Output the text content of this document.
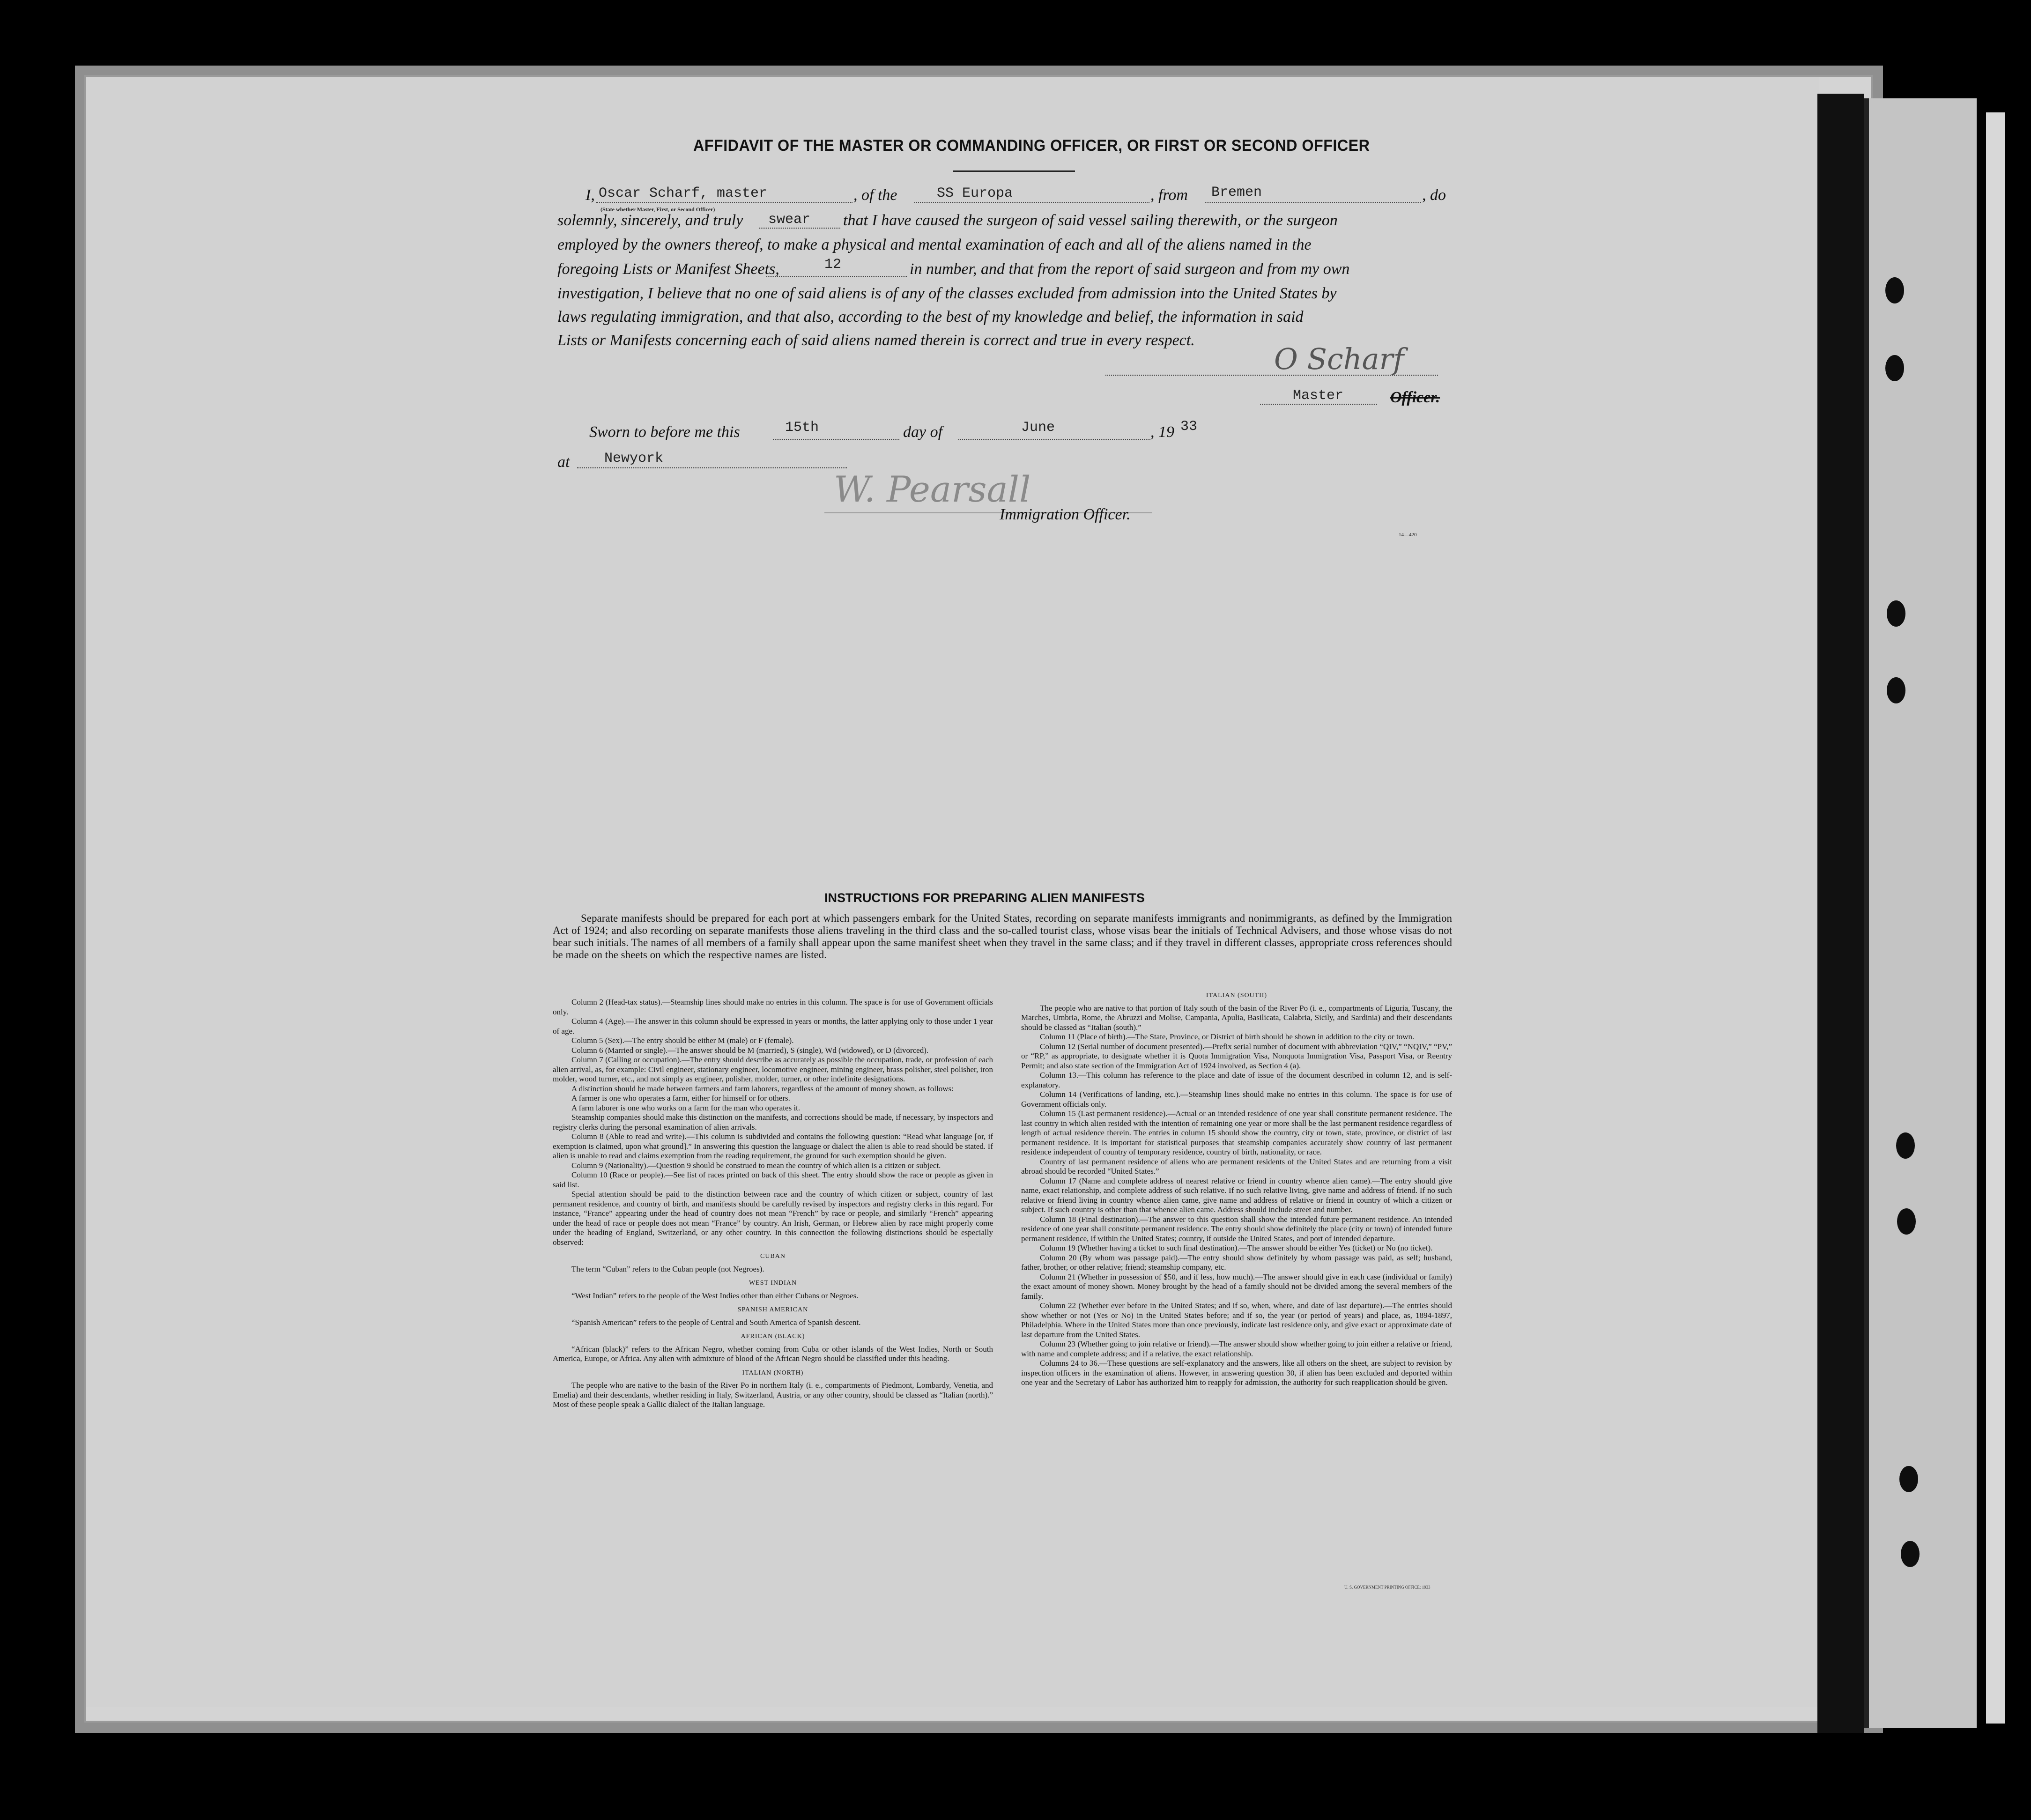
AFFIDAVIT OF THE MASTER OR COMMANDING OFFICER, OR FIRST OR SECOND OFFICER
I, Oscar Scharf, master	, of the	SS Europa	, from Bremen	, do
(State whether Master, First, or Second Officer)
solemnly, sincerely, and truly swear that I have caused the surgeon of said vessel sailing therewith, or the surgeon
employed by the owners thereof, to make a physical and mental examination of each and all of the aliens named in the
foregoing Lists or Manifest Sheets,	12	in number, and that from the report of said surgeon and from my own
investigation, I believe that no one of said aliens is of any of the classes excluded from admission into the United States by
laws regulating immigration, and that also, according to the best of my knowledge and belief, the information in said
Lists or Manifests concerning each of said aliens named therein is correct and true in every respect.
O Scharf
Master	Officer.
Sworn to before me this	15th	day of	June	, 19 33
at Newyork
W. Pearsall
Immigration Officer.
14—420
INSTRUCTIONS FOR PREPARING ALIEN MANIFESTS
Separate manifests should be prepared for each port at which passengers embark for the United States, recording on separate manifests immigrants and nonimmigrants, as defined by the Immigration Act of 1924; and also recording on separate manifests those aliens traveling in the third class and the so-called tourist class, whose visas bear the initials of Technical Advisers, and those whose visas do not bear such initials. The names of all members of a family shall appear upon the same manifest sheet when they travel in the same class; and if they travel in different classes, appropriate cross references should be made on the sheets on which the respective names are listed.

Column 2 (Head-tax status).—Steamship lines should make no entries in this column. The space is for use of Government officials only.

Column 4 (Age).—The answer in this column should be expressed in years or months, the latter applying only to those under 1 year of age.

Column 5 (Sex).—The entry should be either M (male) or F (female).

Column 6 (Married or single).—The answer should be M (married), S (single), Wd (widowed), or D (divorced).

Column 7 (Calling or occupation).—The entry should describe as accurately as possible the occupation, trade, or profession of each alien arrival, as, for example: Civil engineer, stationary engineer, locomotive engineer, mining engineer, brass polisher, steel polisher, iron molder, wood turner, etc., and not simply as engineer, polisher, molder, turner, or other indefinite designations.

A distinction should be made between farmers and farm laborers, regardless of the amount of money shown, as follows:

A farmer is one who operates a farm, either for himself or for others.

A farm laborer is one who works on a farm for the man who operates it.

Steamship companies should make this distinction on the manifests, and corrections should be made, if necessary, by inspectors and registry clerks during the personal examination of alien arrivals.

Column 8 (Able to read and write).—This column is subdivided and contains the following question: “Read what language [or, if exemption is claimed, upon what ground].” In answering this question the language or dialect the alien is able to read should be stated. If alien is unable to read and claims exemption from the reading requirement, the ground for such exemption should be given.

Column 9 (Nationality).—Question 9 should be construed to mean the country of which alien is a citizen or subject.

Column 10 (Race or people).—See list of races printed on back of this sheet. The entry should show the race or people as given in said list.

Special attention should be paid to the distinction between race and the country of which citizen or subject, country of last permanent residence, and country of birth, and manifests should be carefully revised by inspectors and registry clerks in this regard. For instance, “France” appearing under the head of country does not mean “French” by race or people, and similarly “French” appearing under the head of race or people does not mean “France” by country. An Irish, German, or Hebrew alien by race might properly come under the heading of England, Switzerland, or any other country. In this connection the following distinctions should be especially observed:

CUBAN

The term “Cuban” refers to the Cuban people (not Negroes).

WEST INDIAN

“West Indian” refers to the people of the West Indies other than either Cubans or Negroes.

SPANISH AMERICAN

“Spanish American” refers to the people of Central and South America of Spanish descent.

AFRICAN (BLACK)

“African (black)” refers to the African Negro, whether coming from Cuba or other islands of the West Indies, North or South America, Europe, or Africa. Any alien with admixture of blood of the African Negro should be classified under this heading.

ITALIAN (NORTH)

The people who are native to the basin of the River Po in northern Italy (i. e., compartments of Piedmont, Lombardy, Venetia, and Emelia) and their descendants, whether residing in Italy, Switzerland, Austria, or any other country, should be classed as “Italian (north).” Most of these people speak a Gallic dialect of the Italian language.

ITALIAN (SOUTH)

The people who are native to that portion of Italy south of the basin of the River Po (i. e., compartments of Liguria, Tuscany, the Marches, Umbria, Rome, the Abruzzi and Molise, Campania, Apulia, Basilicata, Calabria, Sicily, and Sardinia) and their descendants should be classed as “Italian (south).”

Column 11 (Place of birth).—The State, Province, or District of birth should be shown in addition to the city or town.

Column 12 (Serial number of document presented).—Prefix serial number of document with abbreviation “QIV,” “NQIV,” “PV,” or “RP,” as appropriate, to designate whether it is Quota Immigration Visa, Nonquota Immigration Visa, Passport Visa, or Reentry Permit; and also state section of the Immigration Act of 1924 involved, as Section 4 (a).

Column 13.—This column has reference to the place and date of issue of the document described in column 12, and is self-explanatory.

Column 14 (Verifications of landing, etc.).—Steamship lines should make no entries in this column. The space is for use of Government officials only.

Column 15 (Last permanent residence).—Actual or an intended residence of one year shall constitute permanent residence. The last country in which alien resided with the intention of remaining one year or more shall be the last permanent residence regardless of length of actual residence therein. The entries in column 15 should show the country, city or town, state, province, or district of last permanent residence. It is important for statistical purposes that steamship companies accurately show country of last permanent residence independent of country of temporary residence, country of birth, nationality, or race.

Country of last permanent residence of aliens who are permanent residents of the United States and are returning from a visit abroad should be recorded “United States.”

Column 17 (Name and complete address of nearest relative or friend in country whence alien came).—The entry should give name, exact relationship, and complete address of such relative. If no such relative living, give name and address of friend. If no such relative or friend living in country whence alien came, give name and address of relative or friend in country of which a citizen or subject. If such country is other than that whence alien came. Address should include street and number.

Column 18 (Final destination).—The answer to this question shall show the intended future permanent residence. An intended residence of one year shall constitute permanent residence. The entry should show definitely the place (city or town) of intended future permanent residence, if within the United States; country, if outside the United States, and port of intended departure.

Column 19 (Whether having a ticket to such final destination).—The answer should be either Yes (ticket) or No (no ticket).

Column 20 (By whom was passage paid).—The entry should show definitely by whom passage was paid, as self; husband, father, brother, or other relative; friend; steamship company, etc.

Column 21 (Whether in possession of $50, and if less, how much).—The answer should give in each case (individual or family) the exact amount of money shown. Money brought by the head of a family should not be divided among the several members of the family.

Column 22 (Whether ever before in the United States; and if so, when, where, and date of last departure).—The entries should show whether or not (Yes or No) in the United States before; and if so, the year (or period of years) and place, as, 1894-1897, Philadelphia. Where in the United States more than once previously, indicate last residence only, and give exact or approximate date of last departure from the United States.

Column 23 (Whether going to join relative or friend).—The answer should show whether going to join either a relative or friend, with name and complete address; and if a relative, the exact relationship.

Columns 24 to 36.—These questions are self-explanatory and the answers, like all others on the sheet, are subject to revision by inspection officers in the examination of aliens. However, in answering question 30, if alien has been excluded and deported within one year and the Secretary of Labor has authorized him to reapply for admission, the authority for such reapplication should be given.

U. S. GOVERNMENT PRINTING OFFICE: 1933
